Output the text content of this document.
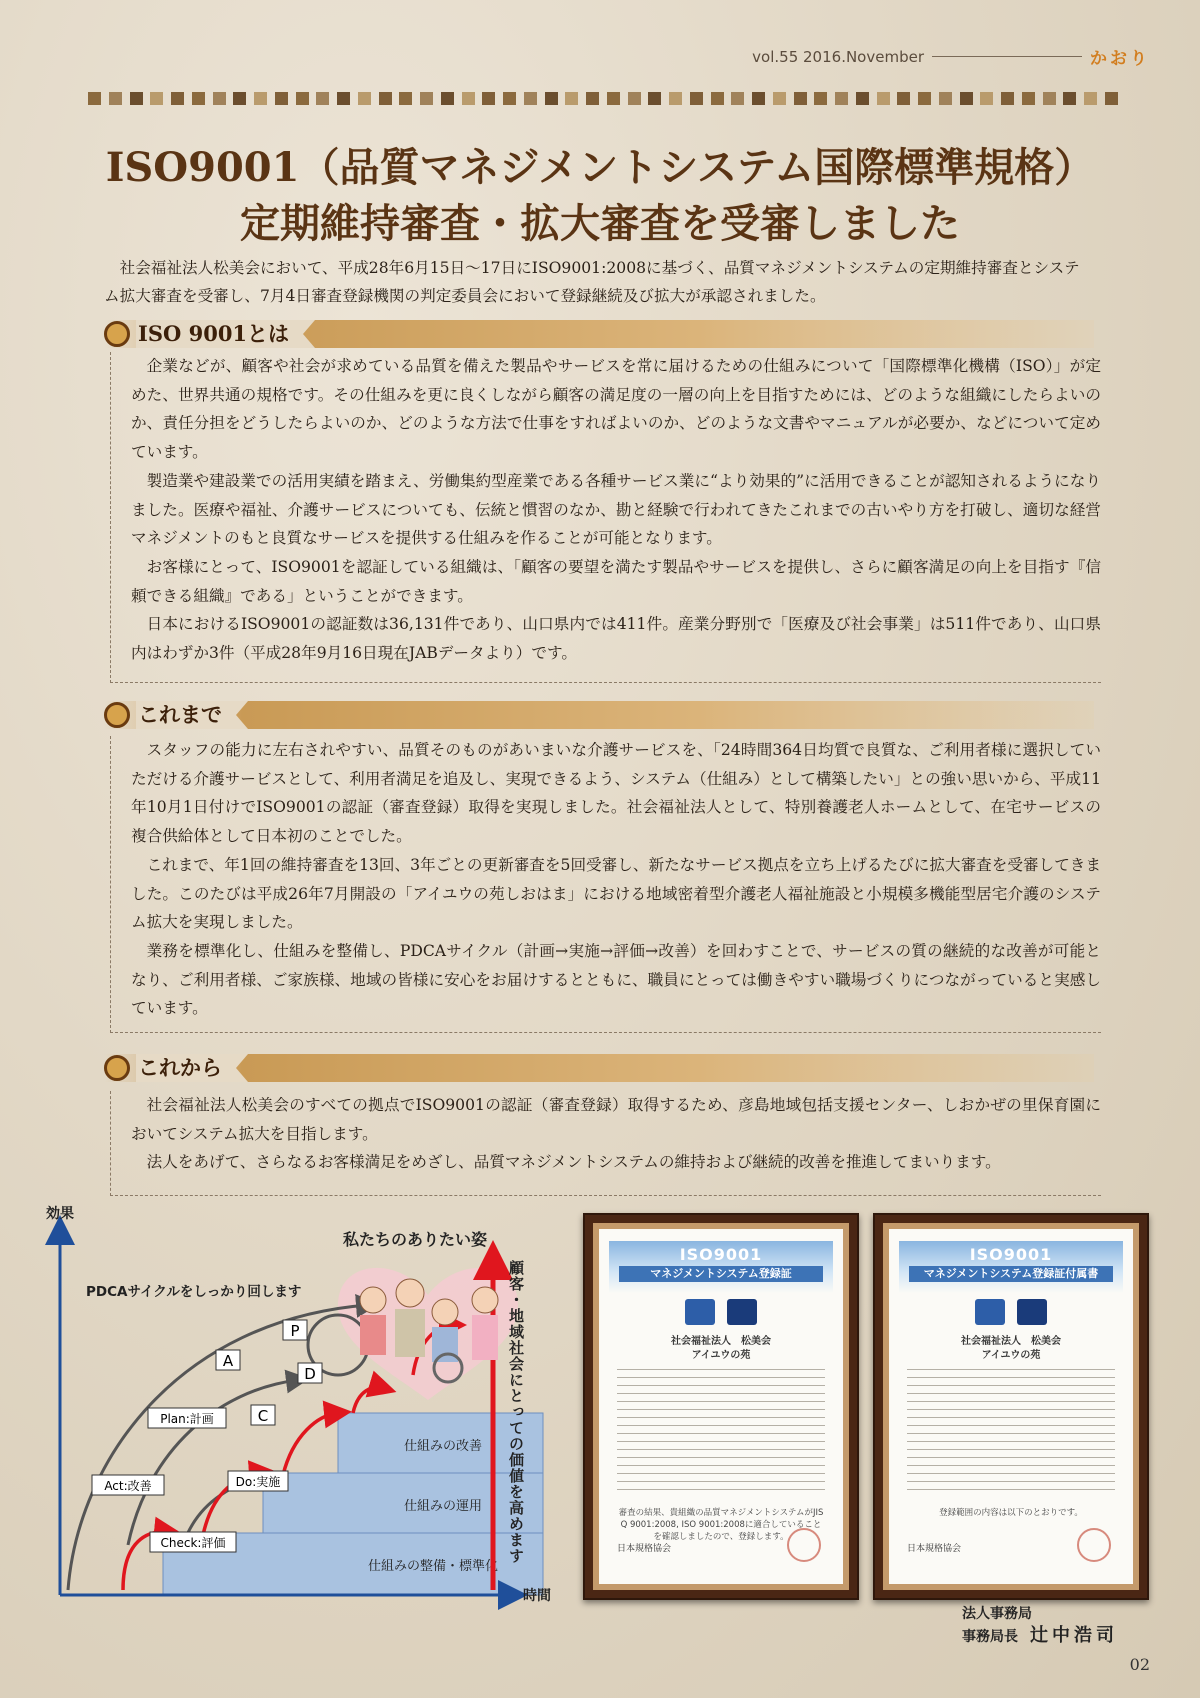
vol.55 2016.November	かおり
ISO9001（品質マネジメントシステム国際標準規格）
定期維持審査・拡大審査を受審しました
社会福祉法人松美会において、平成28年6月15日～17日にISO9001:2008に基づく、品質マネジメントシステムの定期維持審査とシステム拡大審査を受審し、7月4日審査登録機関の判定委員会において登録継続及び拡大が承認されました。
ISO 9001とは

企業などが、顧客や社会が求めている品質を備えた製品やサービスを常に届けるための仕組みについて「国際標準化機構（ISO）」が定めた、世界共通の規格です。その仕組みを更に良くしながら顧客の満足度の一層の向上を目指すためには、どのような組織にしたらよいのか、責任分担をどうしたらよいのか、どのような方法で仕事をすればよいのか、どのような文書やマニュアルが必要か、などについて定めています。

製造業や建設業での活用実績を踏まえ、労働集約型産業である各種サービス業に“より効果的”に活用できることが認知されるようになりました。医療や福祉、介護サービスについても、伝統と慣習のなか、勘と経験で行われてきたこれまでの古いやり方を打破し、適切な経営マネジメントのもと良質なサービスを提供する仕組みを作ることが可能となります。

お客様にとって、ISO9001を認証している組織は、「顧客の要望を満たす製品やサービスを提供し、さらに顧客満足の向上を目指す『信頼できる組織』である」ということができます。

日本におけるISO9001の認証数は36,131件であり、山口県内では411件。産業分野別で「医療及び社会事業」は511件であり、山口県内はわずか3件（平成28年9月16日現在JABデータより）です。

これまで

スタッフの能力に左右されやすい、品質そのものがあいまいな介護サービスを、「24時間364日均質で良質な、ご利用者様に選択していただける介護サービスとして、利用者満足を追及し、実現できるよう、システム（仕組み）として構築したい」との強い思いから、平成11年10月1日付けでISO9001の認証（審査登録）取得を実現しました。社会福祉法人として、特別養護老人ホームとして、在宅サービスの複合供給体として日本初のことでした。

これまで、年1回の維持審査を13回、3年ごとの更新審査を5回受審し、新たなサービス拠点を立ち上げるたびに拡大審査を受審してきました。このたびは平成26年7月開設の「アイユウの苑しおはま」における地域密着型介護老人福祉施設と小規模多機能型居宅介護のシステム拡大を実現しました。

業務を標準化し、仕組みを整備し、PDCAサイクル（計画→実施→評価→改善）を回わすことで、サービスの質の継続的な改善が可能となり、ご利用者様、ご家族様、地域の皆様に安心をお届けするとともに、職員にとっては働きやすい職場づくりにつながっていると実感しています。

これから

社会福祉法人松美会のすべての拠点でISO9001の認証（審査登録）取得するため、彦島地域包括支援センター、しおかぜの里保育園においてシステム拡大を目指します。

法人をあげて、さらなるお客様満足をめざし、品質マネジメントシステムの維持および継続的改善を推進してまいります。

仕組みの整備・標準化
仕組みの運用
仕組みの改善
効果
時間
A
P
D
C
Plan:計画
Act:改善	Do:実施
Check:評価
PDCAサイクルをしっかり回します
私たちのありたい姿
顧客・地域社会にとっての価値を高めます
ISO9001
マネジメントシステム登録証
社会福祉法人　松美会
アイユウの苑
審査の結果、貴組織の品質マネジメントシステムがJIS Q 9001:2008, ISO 9001:2008に適合していることを確認しましたので、登録します。
日本規格協会
ISO9001
マネジメントシステム登録証付属書
社会福祉法人　松美会
アイユウの苑
登録範囲の内容は以下のとおりです。
日本規格協会
法人事務局
事務局長 辻中浩司
02
